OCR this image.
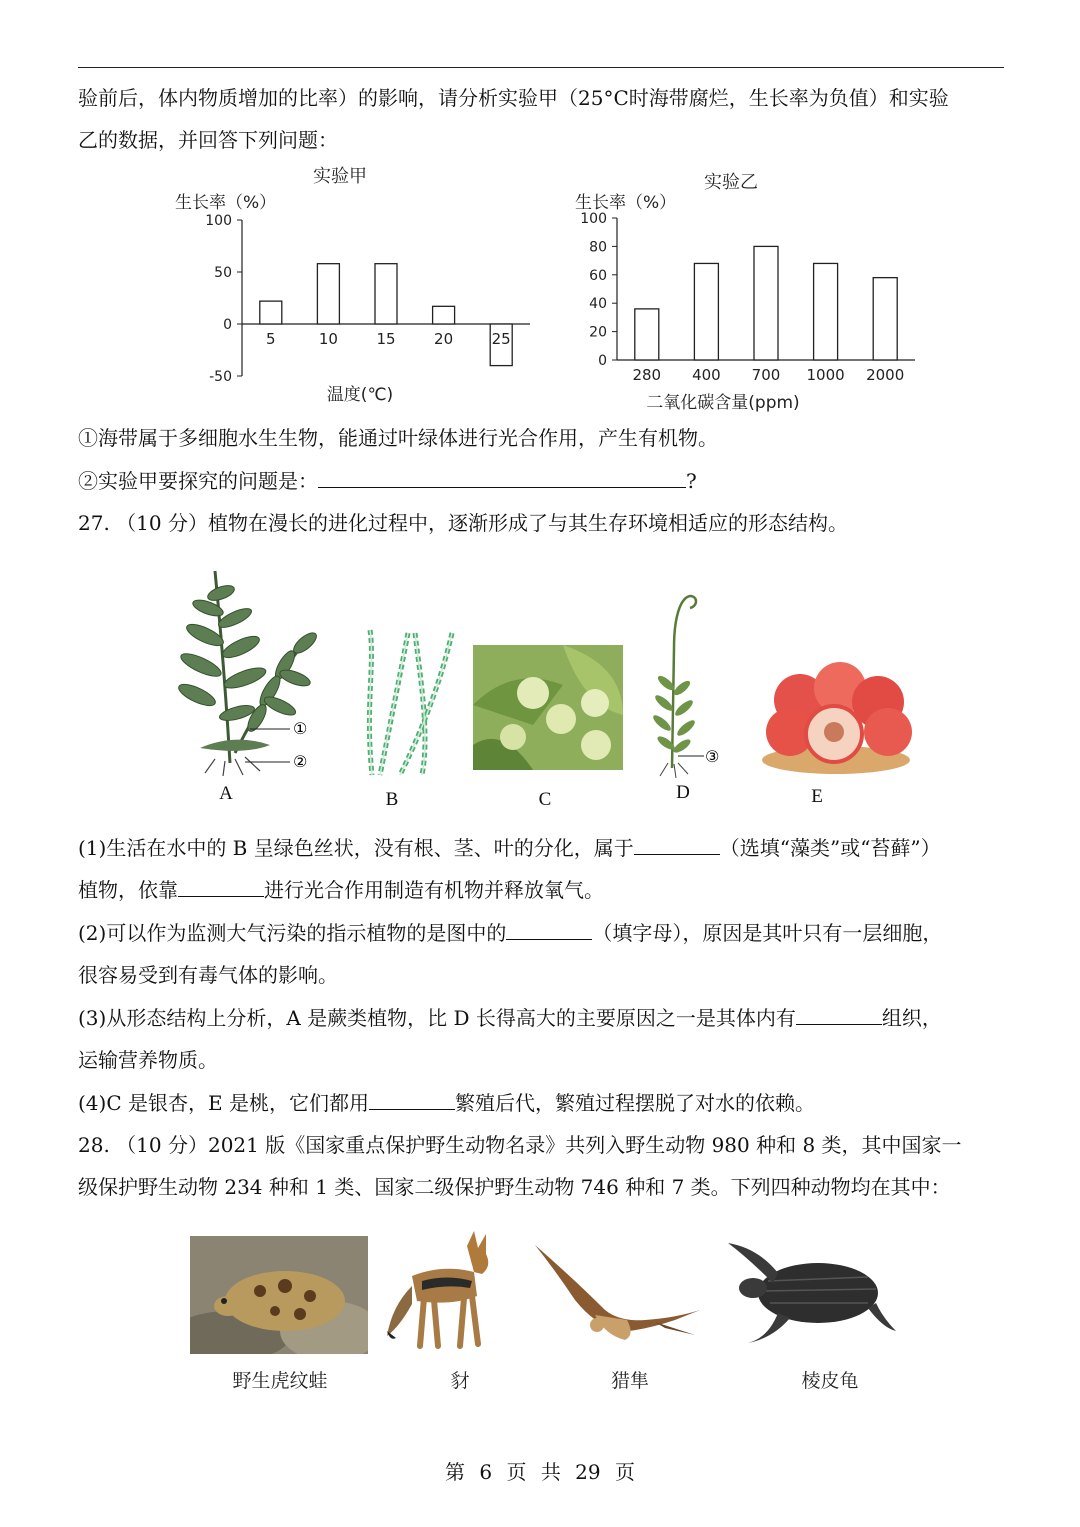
验前后，体内物质增加的比率）的影响，请分析实验甲（25°C时海带腐烂，生长率为负值）和实验

乙的数据，并回答下列问题：

实验甲
生长率（%）
温度(℃)
100
50
0
-50
5	10	15	20	25
实验乙
生长率（%）
二氧化碳含量(ppm)
100
80
60
40
20
0
280 400 700 1000 2000

①海带属于多细胞水生生物，能通过叶绿体进行光合作用，产生有机物。

②实验甲要探究的问题是：	?

27. （10 分）植物在漫长的进化过程中，逐渐形成了与其生存环境相适应的形态结构。

①
②	③
A	B	C	D	E

(1)生活在水中的 B 呈绿色丝状，没有根、茎、叶的分化，属于	（选填“藻类”或“苔藓”）

植物，依靠	进行光合作用制造有机物并释放氧气。

(2)可以作为监测大气污染的指示植物的是图中的	（填字母），原因是其叶只有一层细胞，

很容易受到有毒气体的影响。

(3)从形态结构上分析，A 是蕨类植物，比 D 长得高大的主要原因之一是其体内有	组织，

运输营养物质。

(4)C 是银杏，E 是桃，它们都用	繁殖后代，繁殖过程摆脱了对水的依赖。

28. （10 分）2021 版《国家重点保护野生动物名录》共列入野生动物 980 种和 8 类，其中国家一

级保护野生动物 234 种和 1 类、国家二级保护野生动物 746 种和 7 类。下列四种动物均在其中：

野生虎纹蛙	豺	猎隼	棱皮龟
第 6 页 共 29 页
